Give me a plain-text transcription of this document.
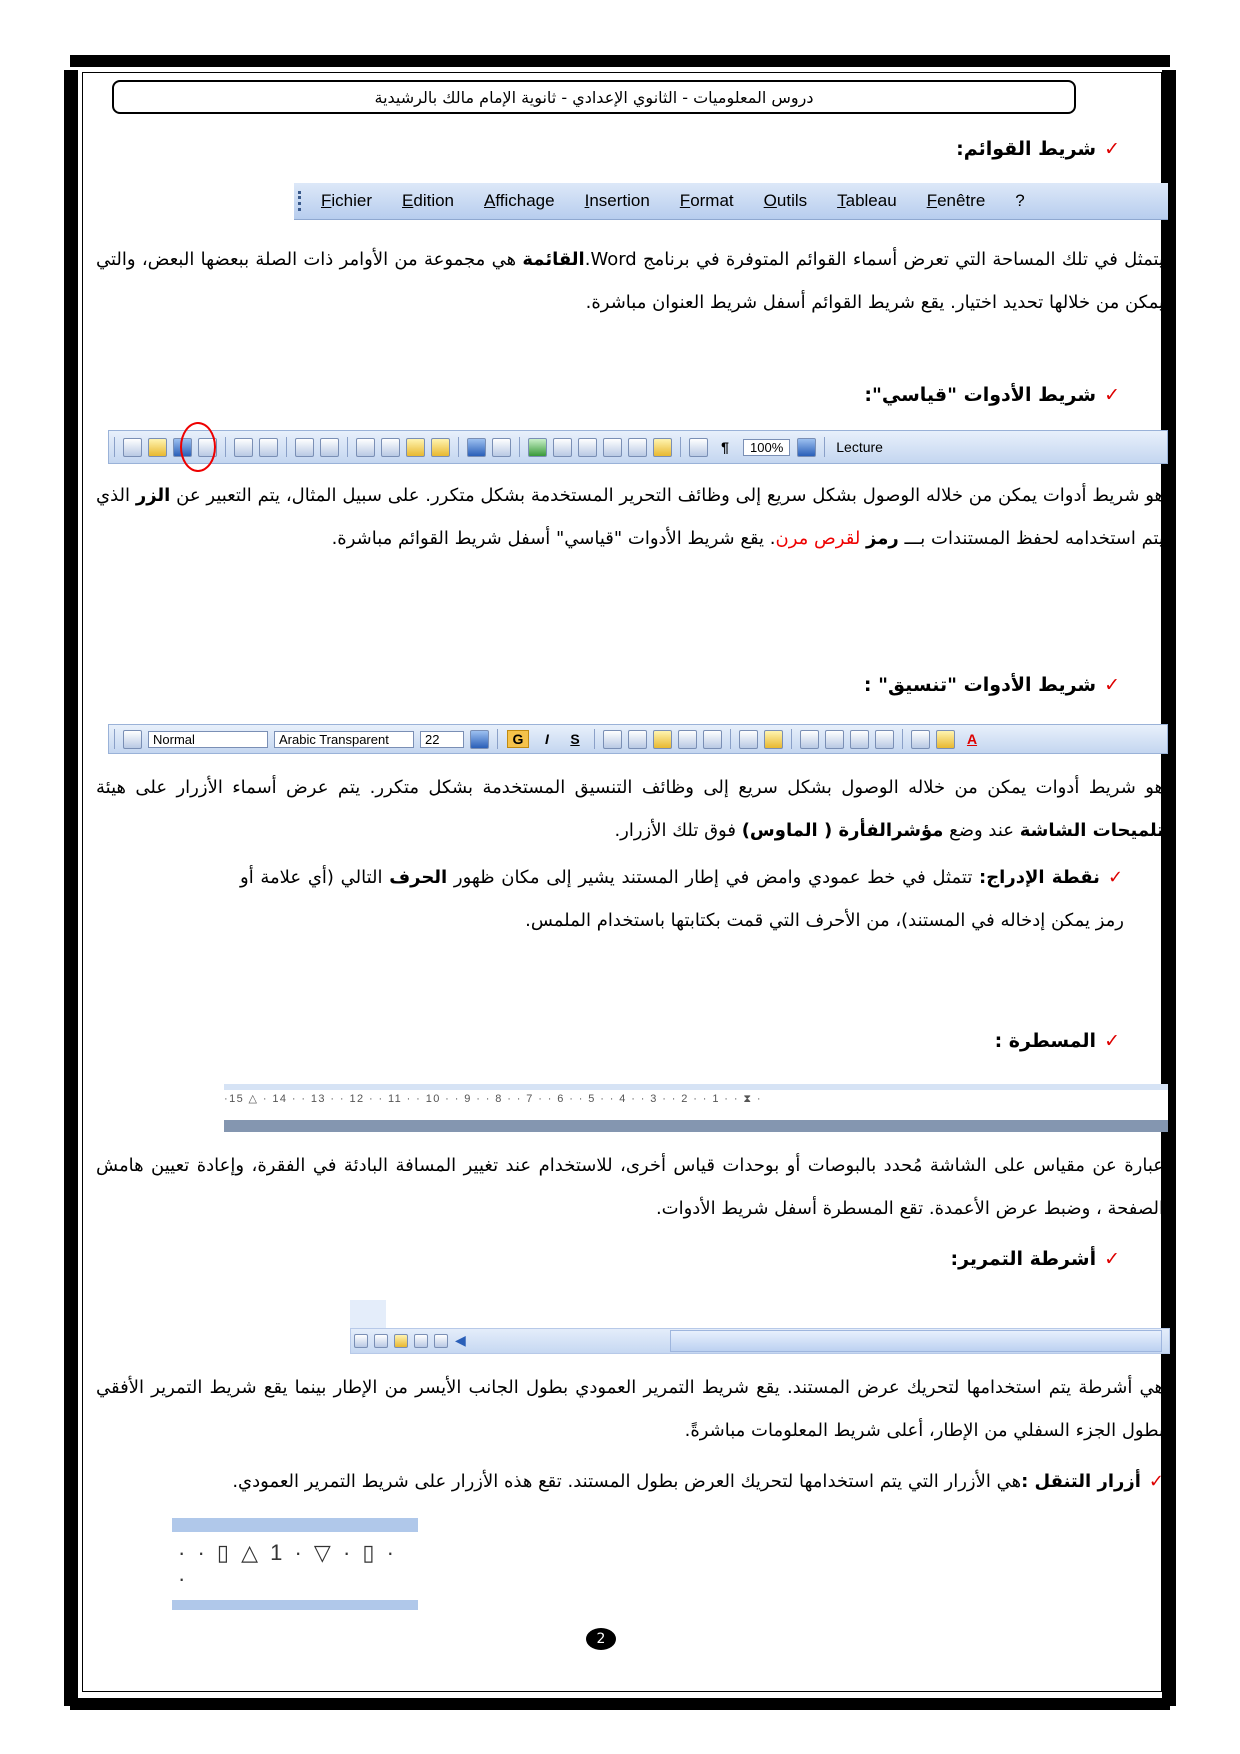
دروس المعلوميات - الثانوي الإعدادي - ثانوية الإمام مالك بالرشيدية
✓شريط القوائم:
Fichier Edition Affichage Insertion Format Outils Tableau Fenêtre ?
يتمثل في تلك المساحة التي تعرض أسماء القوائم المتوفرة في برنامج Word.القائمة هي مجموعة من الأوامر ذات الصلة ببعضها البعض، والتي يمكن من خلالها تحديد اختيار. يقع شريط القوائم أسفل شريط العنوان مباشرة.
✓شريط الأدوات "قياسي":
¶	100%	Lecture
هو شريط أدوات يمكن من خلاله الوصول بشكل سريع إلى وظائف التحرير المستخدمة بشكل متكرر. على سبيل المثال، يتم التعبير عن الزر الذي يتم استخدامه لحفظ المستندات بـــ رمز لقرص مرن. يقع شريط الأدوات "قياسي" أسفل شريط القوائم مباشرة.
✓شريط الأدوات "تنسيق" :
Normal	Arabic Transparent	22	G	I	S	A
هو شريط أدوات يمكن من خلاله الوصول بشكل سريع إلى وظائف التنسيق المستخدمة بشكل متكرر. يتم عرض أسماء الأزرار على هيئة تلميحات الشاشة عند وضع مؤشرالفأرة ( الماوس) فوق تلك الأزرار.
✓نقطة الإدراج: تتمثل في خط عمودي وامض في إطار المستند يشير إلى مكان ظهور الحرف التالي (أي علامة أو رمز يمكن إدخاله في المستند)، من الأحرف التي قمت بكتابتها باستخدام الملمس.
✓المسطرة :
·15 △ · 14 · · 13 · · 12 · · 11 · · 10 · · 9 · · 8 · · 7 · · 6 · · 5 · · 4 · · 3 · · 2 · · 1 · · ⧗ ·
عبارة عن مقياس على الشاشة مُحدد بالبوصات أو بوحدات قياس أخرى، للاستخدام عند تغيير المسافة البادئة في الفقرة، وإعادة تعيين هامش الصفحة ، وضبط عرض الأعمدة. تقع المسطرة أسفل شريط الأدوات.
✓أشرطة التمرير:
◀
هي أشرطة يتم استخدامها لتحريك عرض المستند. يقع شريط التمرير العمودي بطول الجانب الأيسر من الإطار بينما يقع شريط التمرير الأفقي بطول الجزء السفلي من الإطار، أعلى شريط المعلومات مباشرةً.
✓أزرار التنقل :هي الأزرار التي يتم استخدامها لتحريك العرض بطول المستند. تقع هذه الأزرار على شريط التمرير العمودي.
· · ▯ △ 1 · ▽ · ▯ · ·
2
